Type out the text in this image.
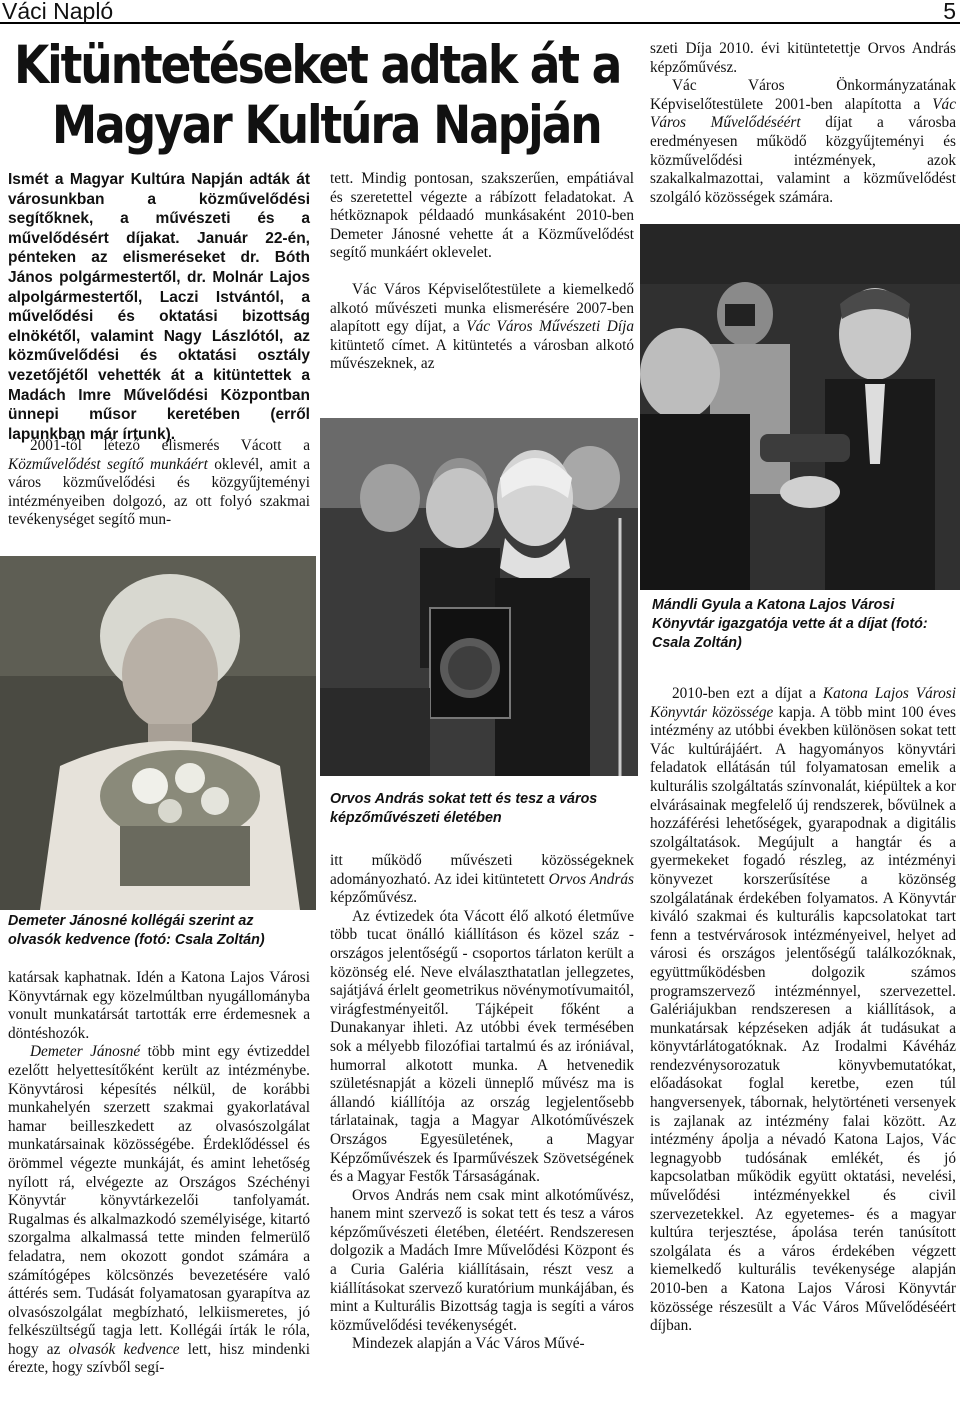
Váci Napló	5
Kitüntetéseket adtak át a
Magyar Kultúra Napján
Ismét a Magyar Kultúra Napján adták át városunkban a közművelődési segítőknek, a művészeti és a művelődésért díjakat. Január 22-én, pénteken az elismeréseket dr. Bóth János polgármestertől, dr. Molnár Lajos alpolgármestertől, Laczi Istvántól, a művelődési és oktatási bizottság elnökétől, valamint Nagy Lászlótól, az közművelődési és oktatási osztály vezetőjétől vehették át a kitüntettek a Madách Imre Művelődési Központban ünnepi műsor keretében (erről lapunkban már írtunk).

2001-től létező elismerés Vácott a Közművelődést segítő munkáért oklevél, amit a város közművelődési és közgyűjteményi intézményeiben dolgozó, az ott folyó szakmai tevékenységet segítő mun-

Demeter Jánosné kollégái szerint az olvasók kedvence (fotó: Csala Zoltán)

katársak kaphatnak. Idén a Katona Lajos Városi Könyvtárnak egy közelmúltban nyugállományba vonult munkatársát tartották erre érdemesnek a döntéshozók.

Demeter Jánosné több mint egy évtizeddel ezelőtt helyettesítőként került az intézménybe. Könyvtárosi képesítés nélkül, de korábbi munkahelyén szerzett szakmai gyakorlatával hamar beilleszkedett az olvasószolgálat munkatársainak közösségébe. Érdeklődéssel és örömmel végezte munkáját, és amint lehetőség nyílott rá, elvégezte az Országos Széchényi Könyvtár könyvtárkezelői tanfolyamát. Rugalmas és alkalmazkodó személyisége, kitartó szorgalma alkalmassá tette minden felmerülő feladatra, nem okozott gondot számára a számítógépes kölcsönzés bevezetésére való áttérés sem. Tudását folyamatosan gyarapítva az olvasószolgálat megbízható, lelkiismeretes, jó felkészültségű tagja lett. Kollégái írták le róla, hogy az olvasók kedvence lett, hisz mindenki érezte, hogy szívből segí-

tett. Mindig pontosan, szakszerűen, empátiával és szeretettel végezte a rábízott feladatokat. A hétköznapok példaadó munkásaként 2010-ben Demeter Jánosné vehette át a Közművelődést segítő munkáért oklevelet.

Vác Város Képviselőtestülete a kiemelkedő alkotó művészeti munka elismerésére 2007-ben alapított egy díjat, a Vác Város Művészeti Díja kitüntető címet. A kitüntetés a városban alkotó művészeknek, az

Orvos András sokat tett és tesz a város képzőművészeti életében

itt működő művészeti közösségeknek adományozható. Az idei kitüntetett Orvos András képzőművész.

Az évtizedek óta Vácott élő alkotó életműve több tucat önálló kiállításon és közel száz - országos jelentőségű - csoportos tárlaton került a közönség elé. Neve elválaszthatatlan jellegzetes, sajátjává érlelt geometrikus növénymotívumaitól, virágfestményeitől. Tájképeit főként a Dunakanyar ihleti. Az utóbbi évek termésében sok a mélyebb filozófiai tartalmú és az iróniával, humorral alkotott munka. A hetvenedik születésnapját a közeli ünneplő művész ma is állandó kiállítója az ország legjelentősebb tárlatainak, tagja a Magyar Alkotóművészek Országos Egyesületének, a Magyar Képzőművészek és Iparművészek Szövetségének és a Magyar Festők Társaságának.

Orvos András nem csak mint alkotóművész, hanem mint szervező is sokat tett és tesz a város képzőművészeti életében, életéért. Rendszeresen dolgozik a Madách Imre Művelődési Központ és a Curia Galéria kiállításain, részt vesz a kiállításokat szervező kuratórium munkájában, és mint a Kulturális Bizottság tagja is segíti a város közművelődési tevékenységét.

Mindezek alapján a Vác Város Művé-

szeti Díja 2010. évi kitüntetettje Orvos András képzőművész.

Vác Város Önkormányzatának Képviselőtestülete 2001-ben alapította a Vác Város Művelődéséért díjat a városba eredményesen működő közgyűjteményi és közművelődési intézmények, azok szakalkalmazottai, valamint a közművelődést szolgáló közösségek számára.

Mándli Gyula a Katona Lajos Városi Könyvtár igazgatója vette át a díjat (fotó: Csala Zoltán)

2010-ben ezt a díjat a Katona Lajos Városi Könyvtár közössége kapja. A több mint 100 éves intézmény az utóbbi években különösen sokat tett Vác kultúrájáért. A hagyományos könyvtári feladatok ellátásán túl folyamatosan emelik a kulturális szolgáltatás színvonalát, kiépültek a kor elvárásainak megfelelő új rendszerek, bővülnek a hozzáférési lehetőségek, gyarapodnak a digitális szolgáltatások. Megújult a hangtár és a gyermekeket fogadó részleg, az intézményi könyvezet korszerűsítése a közönség szolgálatának érdekében folyamatos. A Könyvtár kiváló szakmai és kulturális kapcsolatokat tart fenn a testvérvárosok intézményeivel, helyet ad városi és országos jelentőségű találkozóknak, együttműködésben dolgozik számos programszervező intézménnyel, szervezettel. Galériájukban rendszeresen a kiállítások, a munkatársak képzéseken adják át tudásukat a könyvtárlátogatóknak. Az Irodalmi Kávéház rendezvénysorozatuk könyvbemutatókat, előadásokat foglal keretbe, ezen túl hangversenyek, tábornak, helytörténeti versenyek is zajlanak az intézmény falai között. Az intézmény ápolja a névadó Katona Lajos, Vác legnagyobb tudósának emlékét, és jó kapcsolatban működik együtt oktatási, nevelési, művelődési intézményekkel és civil szervezetekkel. Az egyetemes- és a magyar kultúra terjesztése, ápolása terén tanúsított szolgálata és a város érdekében végzett kiemelkedő kulturális tevékenysége alapján 2010-ben a Katona Lajos Városi Könyvtár közössége részesült a Vác Város Művelődéséért díjban.
